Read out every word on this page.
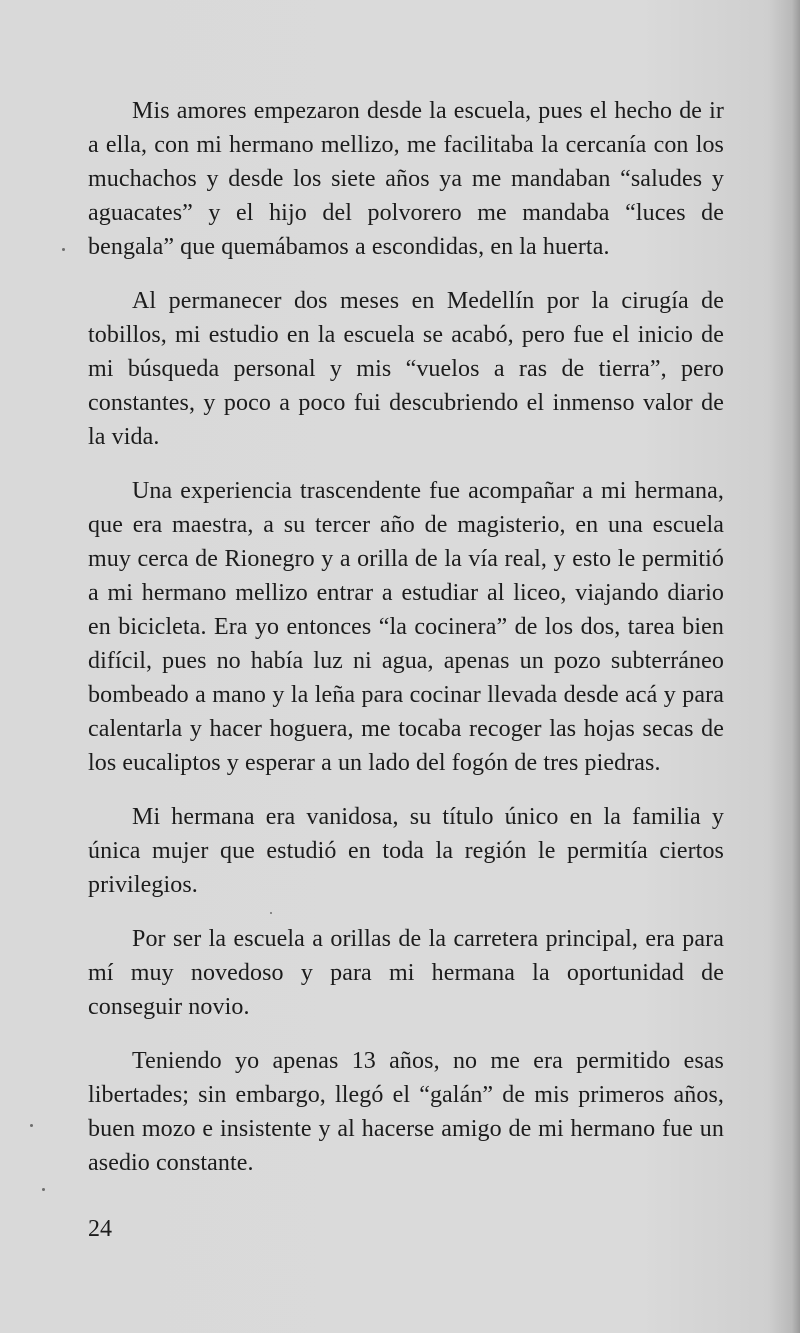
Mis amores empezaron desde la escuela, pues el hecho de ir a ella, con mi hermano mellizo, me facilitaba la cercanía con los muchachos y desde los siete años ya me mandaban “saludes y aguacates” y el hijo del polvorero me mandaba “luces de bengala” que quemábamos a escondidas, en la huerta.

Al permanecer dos meses en Medellín por la cirugía de tobillos, mi estudio en la escuela se acabó, pero fue el inicio de mi búsqueda personal y mis “vuelos a ras de tierra”, pero constantes, y poco a poco fui descubriendo el inmenso valor de la vida.

Una experiencia trascendente fue acompañar a mi hermana, que era maestra, a su tercer año de magisterio, en una escuela muy cerca de Rionegro y a orilla de la vía real, y esto le permitió a mi hermano mellizo entrar a estudiar al liceo, viajando diario en bicicleta. Era yo entonces “la cocinera” de los dos, tarea bien difícil, pues no había luz ni agua, apenas un pozo subterráneo bombeado a mano y la leña para cocinar llevada desde acá y para calentarla y hacer hoguera, me tocaba recoger las hojas secas de los eucaliptos y esperar a un lado del fogón de tres piedras.

Mi hermana era vanidosa, su título único en la familia y única mujer que estudió en toda la región le permitía ciertos privilegios.

Por ser la escuela a orillas de la carretera principal, era para mí muy novedoso y para mi hermana la oportunidad de conseguir novio.

Teniendo yo apenas 13 años, no me era permitido esas libertades; sin embargo, llegó el “galán” de mis primeros años, buen mozo e insistente y al hacerse amigo de mi hermano fue un asedio constante.

24
